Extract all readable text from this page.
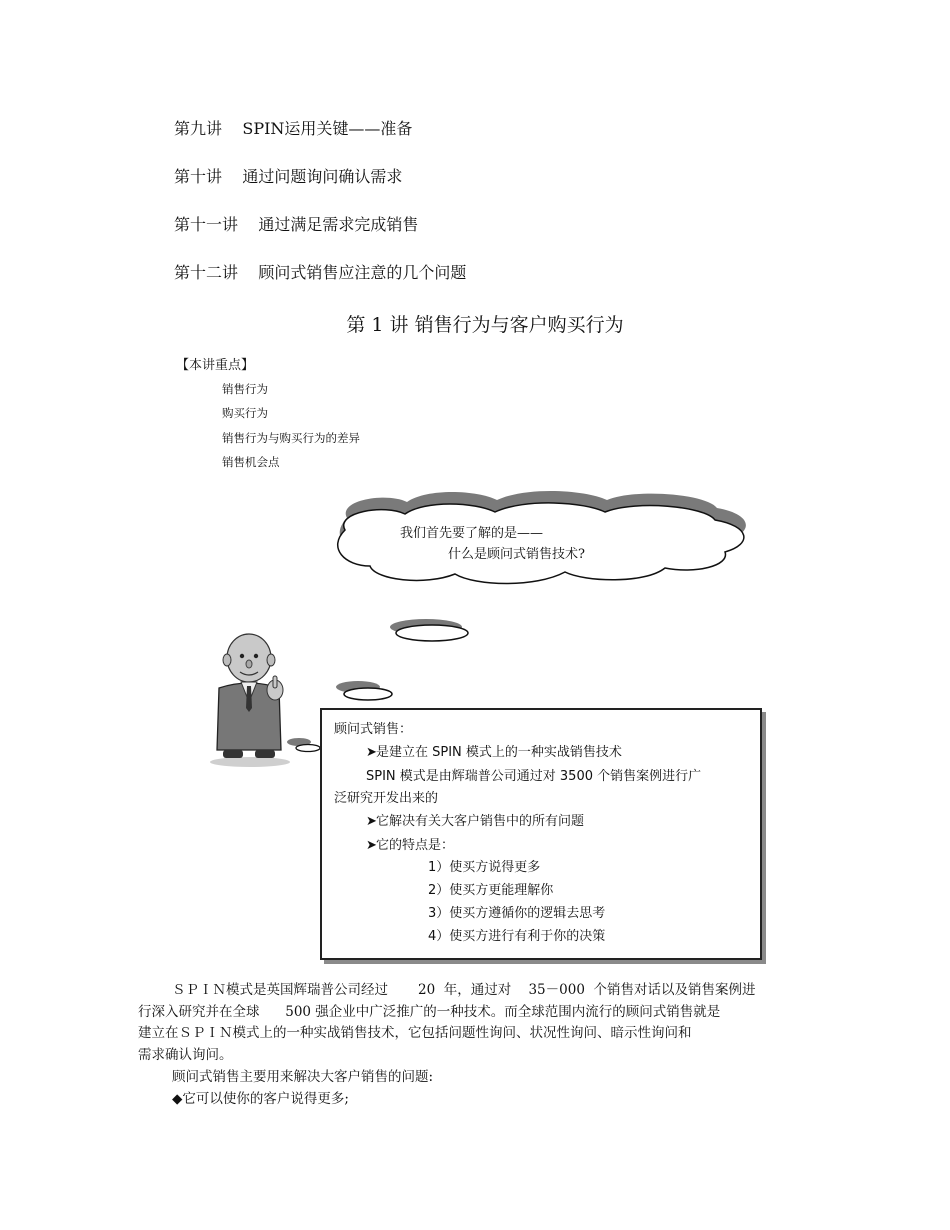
第九讲 SPIN运用关键——准备
第十讲 通过问题询问确认需求
第十一讲 通过满足需求完成销售
第十二讲 顾问式销售应注意的几个问题
第 1 讲 销售行为与客户购买行为
【本讲重点】
销售行为
购买行为
销售行为与购买行为的差异
销售机会点
我们首先要了解的是——
什么是顾问式销售技术?
顾问式销售：
➤是建立在 SPIN 模式上的一种实战销售技术
SPIN 模式是由辉瑞普公司通过对 3500 个销售案例进行广
泛研究开发出来的
➤它解决有关大客户销售中的所有问题
➤它的特点是：
1）使买方说得更多
2）使买方更能理解你
3）使买方遵循你的逻辑去思考
4）使买方进行有利于你的决策
ＳＰＩＮ模式是英国辉瑞普公司经过       20  年，通过对    35－000  个销售对话以及销售案例进
行深入研究并在全球      500 强企业中广泛推广的一种技术。而全球范围内流行的顾问式销售就是
建立在ＳＰＩＮ模式上的一种实战销售技术，它包括问题性询问、状况性询问、暗示性询问和
需求确认询问。
顾问式销售主要用来解决大客户销售的问题:
◆它可以使你的客户说得更多;
